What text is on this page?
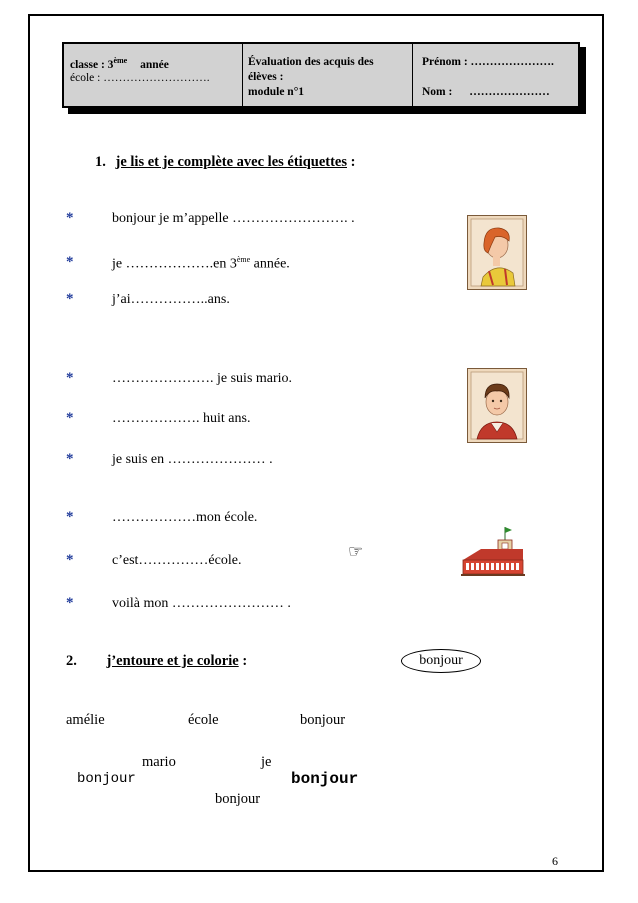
classe : 3ème année
école : ……………………….
Évaluation des acquis des
élèves :
module n°1
Prénom : ………………….
Nom : …………………
1. je lis et je complète avec les étiquettes :
*	bonjour je m’appelle ……………………. .
*	je ……………….en 3ème année.
*	j’ai……………..ans.
*	…………………. je suis mario.
*	………………. huit ans.
*	je suis en ………………… .
*	………………mon école.
*	c’est……………école.	☞
*	voilà mon …………………… .
2. j’entoure et je colorie :	bonjour
amélie	école	bonjour
mario	je
bonjour	bonjour
bonjour
6
